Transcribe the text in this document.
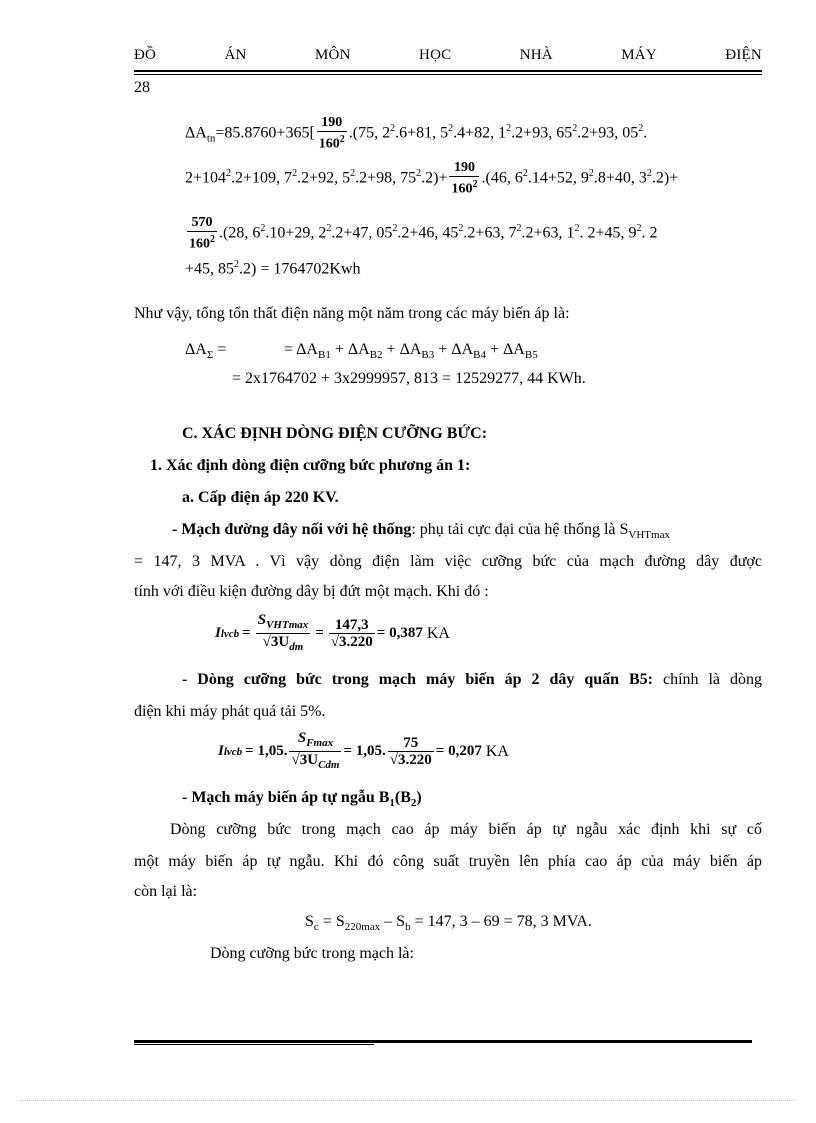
ĐỒ	ÁN	MÔN	HỌC	NHÀ	MÁY	ĐIỆN
28
$\Delta A_{tn}=85.8760+365[ \frac{190}{160^2} .(75$, $2^2.6+81$, $5^2.4+82$, $1^2.2+93$, $65^2.2+93$, $05^2$.
$2+104^2.2+109$, $7^2.2+92$, $5^2.2+98$, $75^2.2)+ \frac{190}{160^2} .(46$, $6^2.14+52$, $9^2.8+40$, $3^2.2)+$
$\frac{570}{160^2} .(28$, $6^2.10+29$, $2^2.2+47$, $05^2.2+46$, $45^2.2+63$, $7^2.2+63$, $1^2$. 2+45, $9^2$. 2
+45, $85^2.2) = 1764702Kwh$
Như vậy, tổng tổn thất điện năng một năm trong các máy biến áp là:
$\Delta A_\Sigma$ =	= $\Delta A_{B1} + \Delta A_{B2} + \Delta A_{B3} + \Delta A_{B4} + \Delta A_{B5}$
= 2x1764702 + 3x2999957, 813 = 12529277, 44 KWh.
C. XÁC ĐỊNH DÒNG ĐIỆN CƯỠNG BỨC:
1. Xác định dòng điện cưỡng bức phương án 1:
a. Cấp điện áp 220 KV.
- Mạch đường dây nối với hệ thống: phụ tải cực đại của hệ thống là $S_{VHTmax}$
= 147, 3 MVA . Vì vậy dòng điện làm việc cưỡng bức của mạch đường dây được
tính với điều kiện đường dây bị đứt một mạch. Khi đó :
I lvcb = $\frac{S_{VHTmax}}{√3U_{dm}} = \frac{147,3}{√3.220} = 0,387$ KA
- Dòng cưỡng bức trong mạch máy biến áp 2 dây quấn B5: chính là dòng
điện khi máy phát quá tải 5%.
I lvcb = 1,05. $\frac{S_{Fmax}}{√3U_{Cdm}} = 1,05$. $\frac{75}{√3.220} = 0,207$ KA
- Mạch máy biến áp tự ngẫu $B_1(B_2)$
Dòng cưỡng bức trong mạch cao áp máy biến áp tự ngẫu xác định khi sự cố
một máy biến áp tự ngẫu. Khi đó công suất truyền lên phía cao áp của máy biến áp
còn lại là:
$S_c = S_{220max} - S_b = 147$, 3 – 69 = 78, 3 MVA.
Dòng cưỡng bức trong mạch là:
